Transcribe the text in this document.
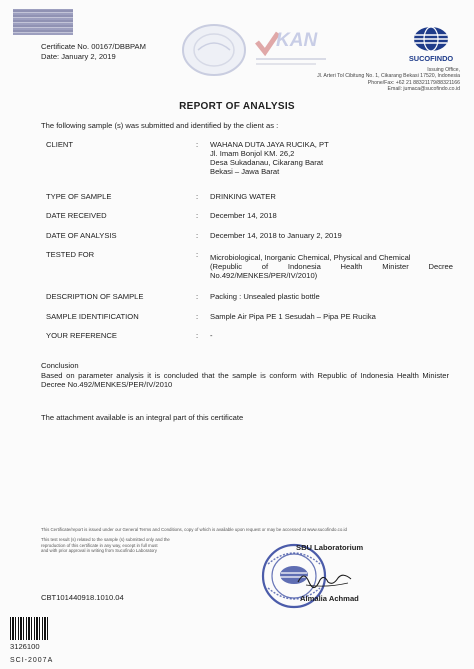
Certificate No. 00167/DBBPAM
Date: January 2, 2019
KAN
SUCOFINDO
Issuing Office,
Jl. Arteri Tol Cibitung No. 1, Cikarang Bekasi 17520, Indonesia
Phone/Fax: +62 21 88321179/88321166
Email: jumaca@sucofindo.co.id
REPORT OF ANALYSIS
The following sample (s) was submitted and identified by the client as :
CLIENT	: WAHANA DUTA JAYA RUCIKA, PT
Jl. Imam Bonjol KM. 26,2
Desa Sukadanau, Cikarang Barat
Bekasi – Jawa Barat
TYPE OF SAMPLE	: DRINKING WATER
DATE RECEIVED	: December 14, 2018
DATE OF ANALYSIS	: December 14, 2018 to January 2, 2019
TESTED FOR	: Microbiological, Inorganic Chemical, Physical and Chemical
(Republic of Indonesia Health Minister Decree
No.492/MENKES/PER/IV/2010)
DESCRIPTION OF SAMPLE	: Packing : Unsealed plastic bottle
SAMPLE IDENTIFICATION	: Sample Air Pipa PE 1 Sesudah – Pipa PE Rucika
YOUR REFERENCE	: -
Conclusion
Based on parameter analysis it is concluded that the sample is conform with Republic of Indonesia Health Minister Decree No.492/MENKES/PER/IV/2010
The attachment available is an integral part of this certificate
This Certificate/report is issued under our General Terms and Conditions, copy of which is available upon request or may be accessed at www.sucofindo.co.id
This test result (s) related to the sample (s) submitted only and the
reproduction of this certificate in any way, except in full must
and with prior approval in writing from Sucofindo Laboratory	SBU Laboratorium
Almalia Achmad
CBT101440918.1010.04
3126100
SCI-2007A
